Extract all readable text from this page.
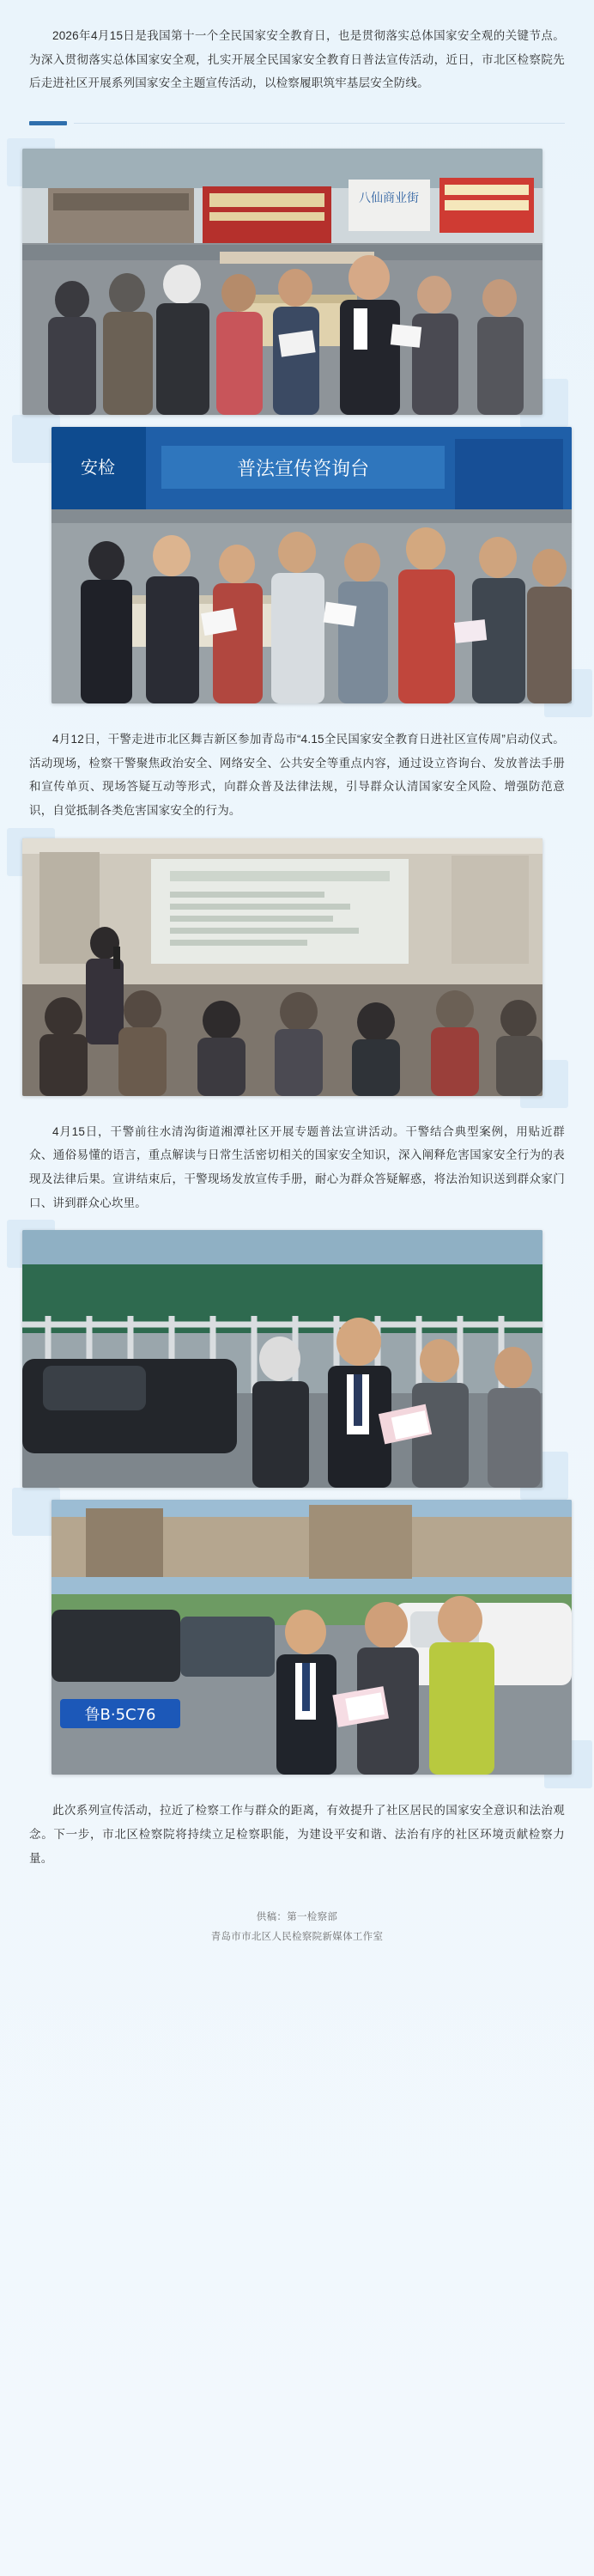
2026年4月15日是我国第十一个全民国家安全教育日，也是贯彻落实总体国家安全观的关键节点。为深入贯彻落实总体国家安全观，扎实开展全民国家安全教育日普法宣传活动，近日，市北区检察院先后走进社区开展系列国家安全主题宣传活动，以检察履职筑牢基层安全防线。

八仙商业街
安检	普法宣传咨询台

4月12日，干警走进市北区舞吉新区参加青岛市“4.15全民国家安全教育日进社区宣传周”启动仪式。活动现场，检察干警聚焦政治安全、网络安全、公共安全等重点内容，通过设立咨询台、发放普法手册和宣传单页、现场答疑互动等形式，向群众普及法律法规，引导群众认清国家安全风险、增强防范意识，自觉抵制各类危害国家安全的行为。

4月15日，干警前往水清沟街道湘潭社区开展专题普法宣讲活动。干警结合典型案例，用贴近群众、通俗易懂的语言，重点解读与日常生活密切相关的国家安全知识，深入阐释危害国家安全行为的表现及法律后果。宣讲结束后，干警现场发放宣传手册，耐心为群众答疑解惑，将法治知识送到群众家门口、讲到群众心坎里。

鲁B·5C76

此次系列宣传活动，拉近了检察工作与群众的距离，有效提升了社区居民的国家安全意识和法治观念。下一步，市北区检察院将持续立足检察职能，为建设平安和谐、法治有序的社区环境贡献检察力量。

供稿：第一检察部
青岛市市北区人民检察院新媒体工作室
